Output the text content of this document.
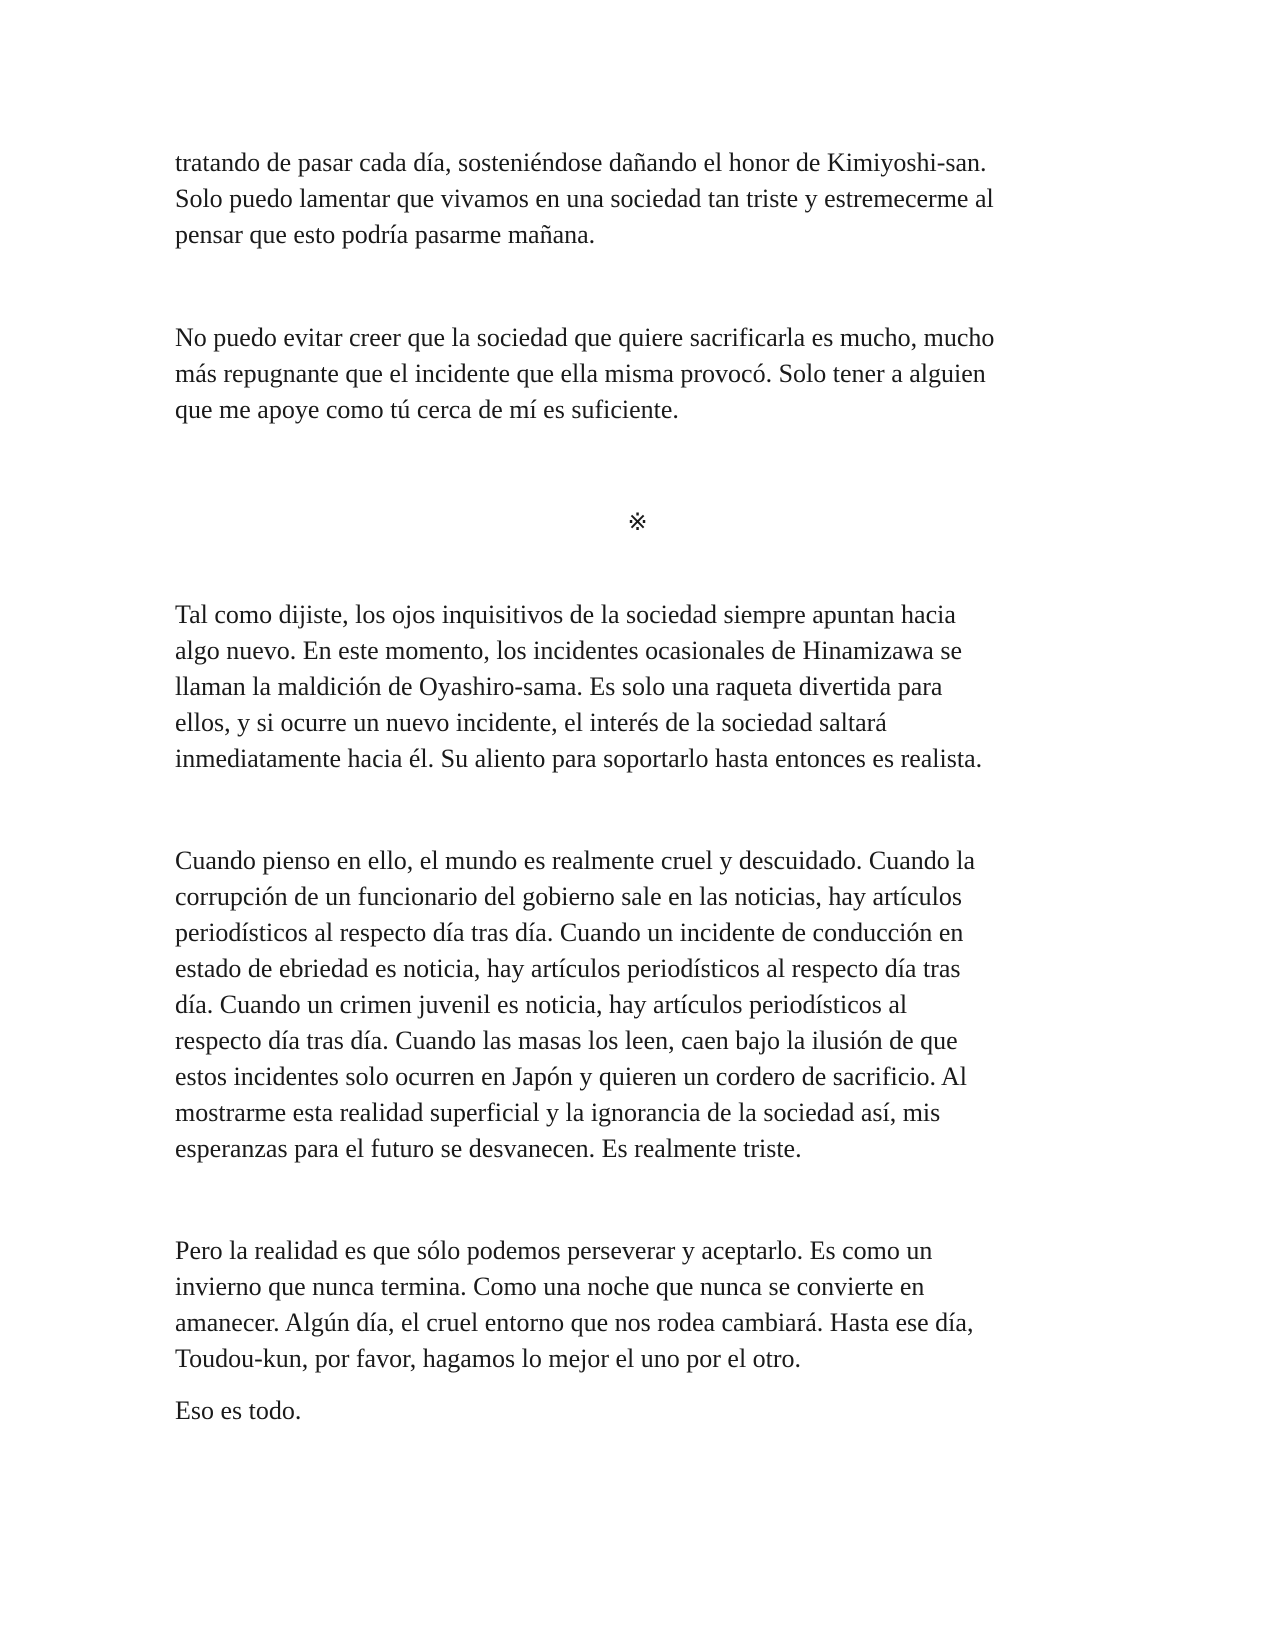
tratando de pasar cada día, sosteniéndose dañando el honor de Kimiyoshi-san.
Solo puedo lamentar que vivamos en una sociedad tan triste y estremecerme al
pensar que esto podría pasarme mañana.

No puedo evitar creer que la sociedad que quiere sacrificarla es mucho, mucho
más repugnante que el incidente que ella misma provocó. Solo tener a alguien
que me apoye como tú cerca de mí es suficiente.

※

Tal como dijiste, los ojos inquisitivos de la sociedad siempre apuntan hacia
algo nuevo. En este momento, los incidentes ocasionales de Hinamizawa se
llaman la maldición de Oyashiro-sama. Es solo una raqueta divertida para
ellos, y si ocurre un nuevo incidente, el interés de la sociedad saltará
inmediatamente hacia él. Su aliento para soportarlo hasta entonces es realista.

Cuando pienso en ello, el mundo es realmente cruel y descuidado. Cuando la
corrupción de un funcionario del gobierno sale en las noticias, hay artículos
periodísticos al respecto día tras día. Cuando un incidente de conducción en
estado de ebriedad es noticia, hay artículos periodísticos al respecto día tras
día. Cuando un crimen juvenil es noticia, hay artículos periodísticos al
respecto día tras día. Cuando las masas los leen, caen bajo la ilusión de que
estos incidentes solo ocurren en Japón y quieren un cordero de sacrificio. Al
mostrarme esta realidad superficial y la ignorancia de la sociedad así, mis
esperanzas para el futuro se desvanecen. Es realmente triste.

Pero la realidad es que sólo podemos perseverar y aceptarlo. Es como un
invierno que nunca termina. Como una noche que nunca se convierte en
amanecer. Algún día, el cruel entorno que nos rodea cambiará. Hasta ese día,
Toudou-kun, por favor, hagamos lo mejor el uno por el otro.

Eso es todo.
